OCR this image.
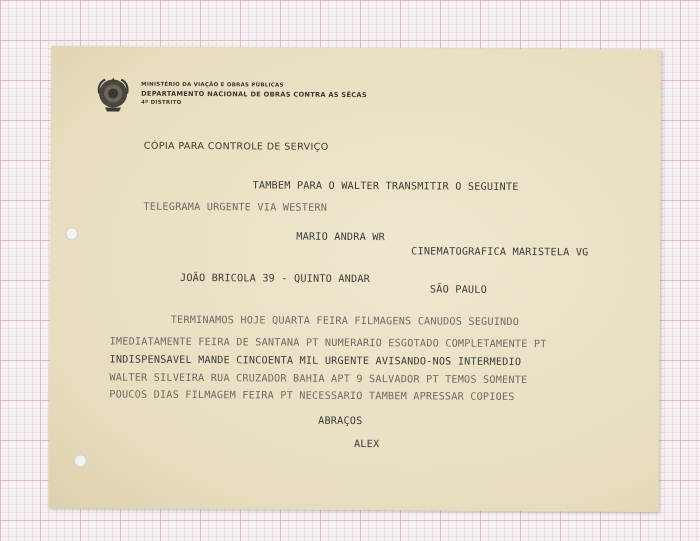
MINISTÉRIO DA VIAÇÃO E OBRAS PÚBLICAS
DEPARTAMENTO NACIONAL DE OBRAS CONTRA AS SÊCAS
4º DISTRITO
CÓPIA PARA CONTROLE DE SERVIÇO
TAMBEM PARA O WALTER TRANSMITIR O SEGUINTE
TELEGRAMA URGENTE VIA WESTERN
MARIO ANDRA WR
CINEMATOGRAFICA MARISTELA VG
JOÃO BRICOLA 39 - QUINTO ANDAR
SÃO PAULO
TERMINAMOS HOJE QUARTA FEIRA FILMAGENS CANUDOS SEGUINDO
IMEDIATAMENTE FEIRA DE SANTANA PT NUMERARIO ESGOTADO COMPLETAMENTE PT
INDISPENSAVEL MANDE CINCOENTA MIL URGENTE AVISANDO-NOS INTERMEDIO
WALTER SILVEIRA RUA CRUZADOR BAHIA APT 9 SALVADOR PT TEMOS SOMENTE
POUCOS DIAS FILMAGEM FEIRA PT NECESSARIO TAMBEM APRESSAR COPIOES
ABRAÇOS
ALEX
